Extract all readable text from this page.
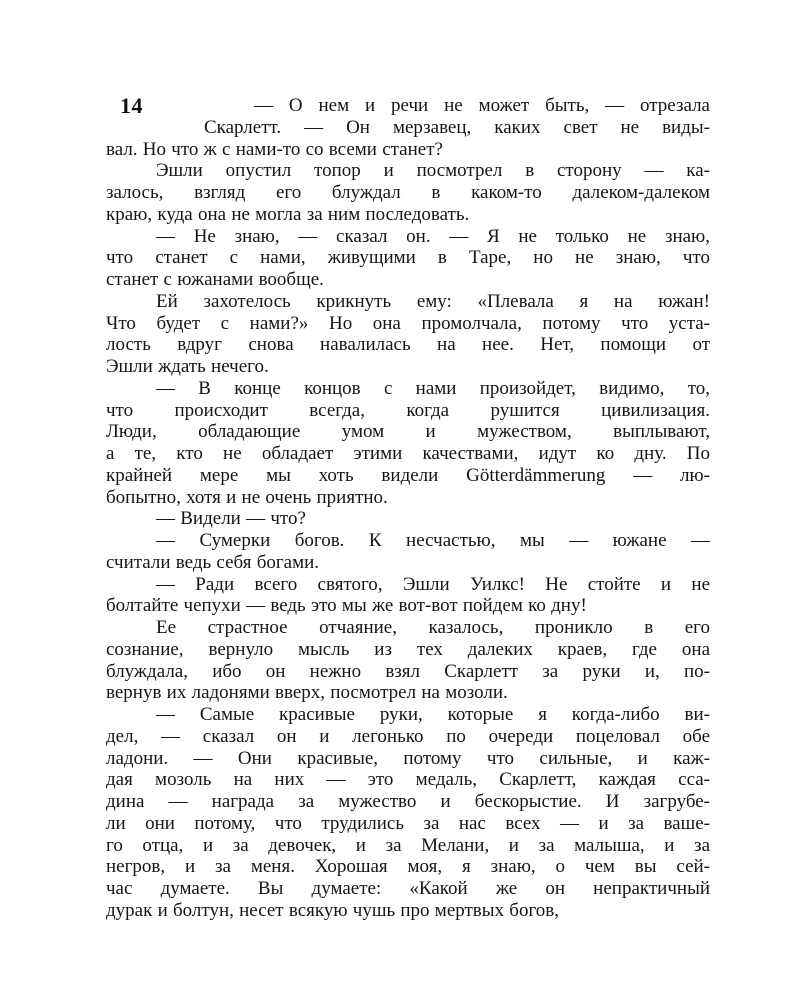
14	— О нем и речи не может быть, — отрезала
Скарлетт. — Он мерзавец, каких свет не виды-
вал. Но что ж с нами-то со всеми станет?
Эшли опустил топор и посмотрел в сторону — ка-
залось, взгляд его блуждал в каком-то далеком-далеком
краю, куда она не могла за ним последовать.
— Не знаю, — сказал он. — Я не только не знаю,
что станет с нами, живущими в Таре, но не знаю, что
станет с южанами вообще.
Ей захотелось крикнуть ему: «Плевала я на южан!
Что будет с нами?» Но она промолчала, потому что уста-
лость вдруг снова навалилась на нее. Нет, помощи от
Эшли ждать нечего.
— В конце концов с нами произойдет, видимо, то,
что происходит всегда, когда рушится цивилизация.
Люди, обладающие умом и мужеством, выплывают,
а те, кто не обладает этими качествами, идут ко дну. По
крайней мере мы хоть видели Götterdämmerung — лю-
бопытно, хотя и не очень приятно.
— Видели — что?
— Сумерки богов. К несчастью, мы — южане —
считали ведь себя богами.
— Ради всего святого, Эшли Уилкс! Не стойте и не
болтайте чепухи — ведь это мы же вот-вот пойдем ко дну!
Ее страстное отчаяние, казалось, проникло в его
сознание, вернуло мысль из тех далеких краев, где она
блуждала, ибо он нежно взял Скарлетт за руки и, по-
вернув их ладонями вверх, посмотрел на мозоли.
— Самые красивые руки, которые я когда-либо ви-
дел, — сказал он и легонько по очереди поцеловал обе
ладони. — Они красивые, потому что сильные, и каж-
дая мозоль на них — это медаль, Скарлетт, каждая сса-
дина — награда за мужество и бескорыстие. И загрубе-
ли они потому, что трудились за нас всех — и за ваше-
го отца, и за девочек, и за Мелани, и за малыша, и за
негров, и за меня. Хорошая моя, я знаю, о чем вы сей-
час думаете. Вы думаете: «Какой же он непрактичный
дурак и болтун, несет всякую чушь про мертвых богов,
